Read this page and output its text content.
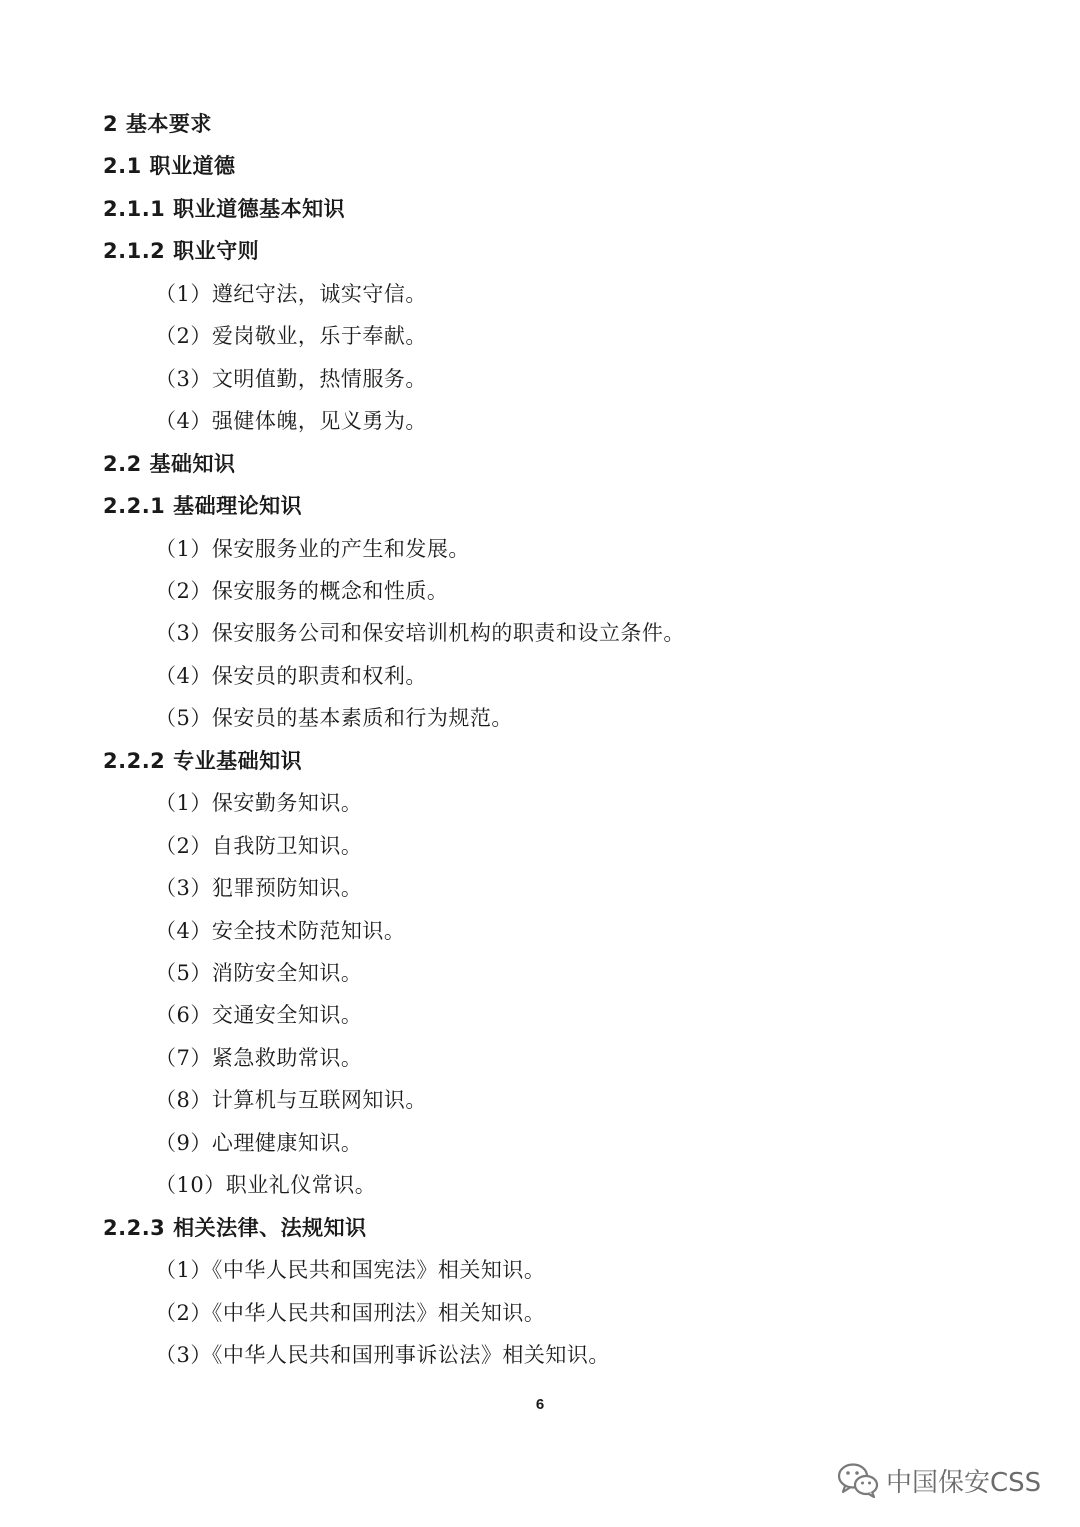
2 基本要求
2.1 职业道德
2.1.1 职业道德基本知识
2.1.2 职业守则
（1）遵纪守法，诚实守信。
（2）爱岗敬业，乐于奉献。
（3）文明值勤，热情服务。
（4）强健体魄，见义勇为。
2.2 基础知识
2.2.1 基础理论知识
（1）保安服务业的产生和发展。
（2）保安服务的概念和性质。
（3）保安服务公司和保安培训机构的职责和设立条件。
（4）保安员的职责和权利。
（5）保安员的基本素质和行为规范。
2.2.2 专业基础知识
（1）保安勤务知识。
（2）自我防卫知识。
（3）犯罪预防知识。
（4）安全技术防范知识。
（5）消防安全知识。
（6）交通安全知识。
（7）紧急救助常识。
（8）计算机与互联网知识。
（9）心理健康知识。
（10）职业礼仪常识。
2.2.3 相关法律、法规知识
（1）《中华人民共和国宪法》相关知识。
（2）《中华人民共和国刑法》相关知识。
（3）《中华人民共和国刑事诉讼法》相关知识。
6
中国保安CSS
